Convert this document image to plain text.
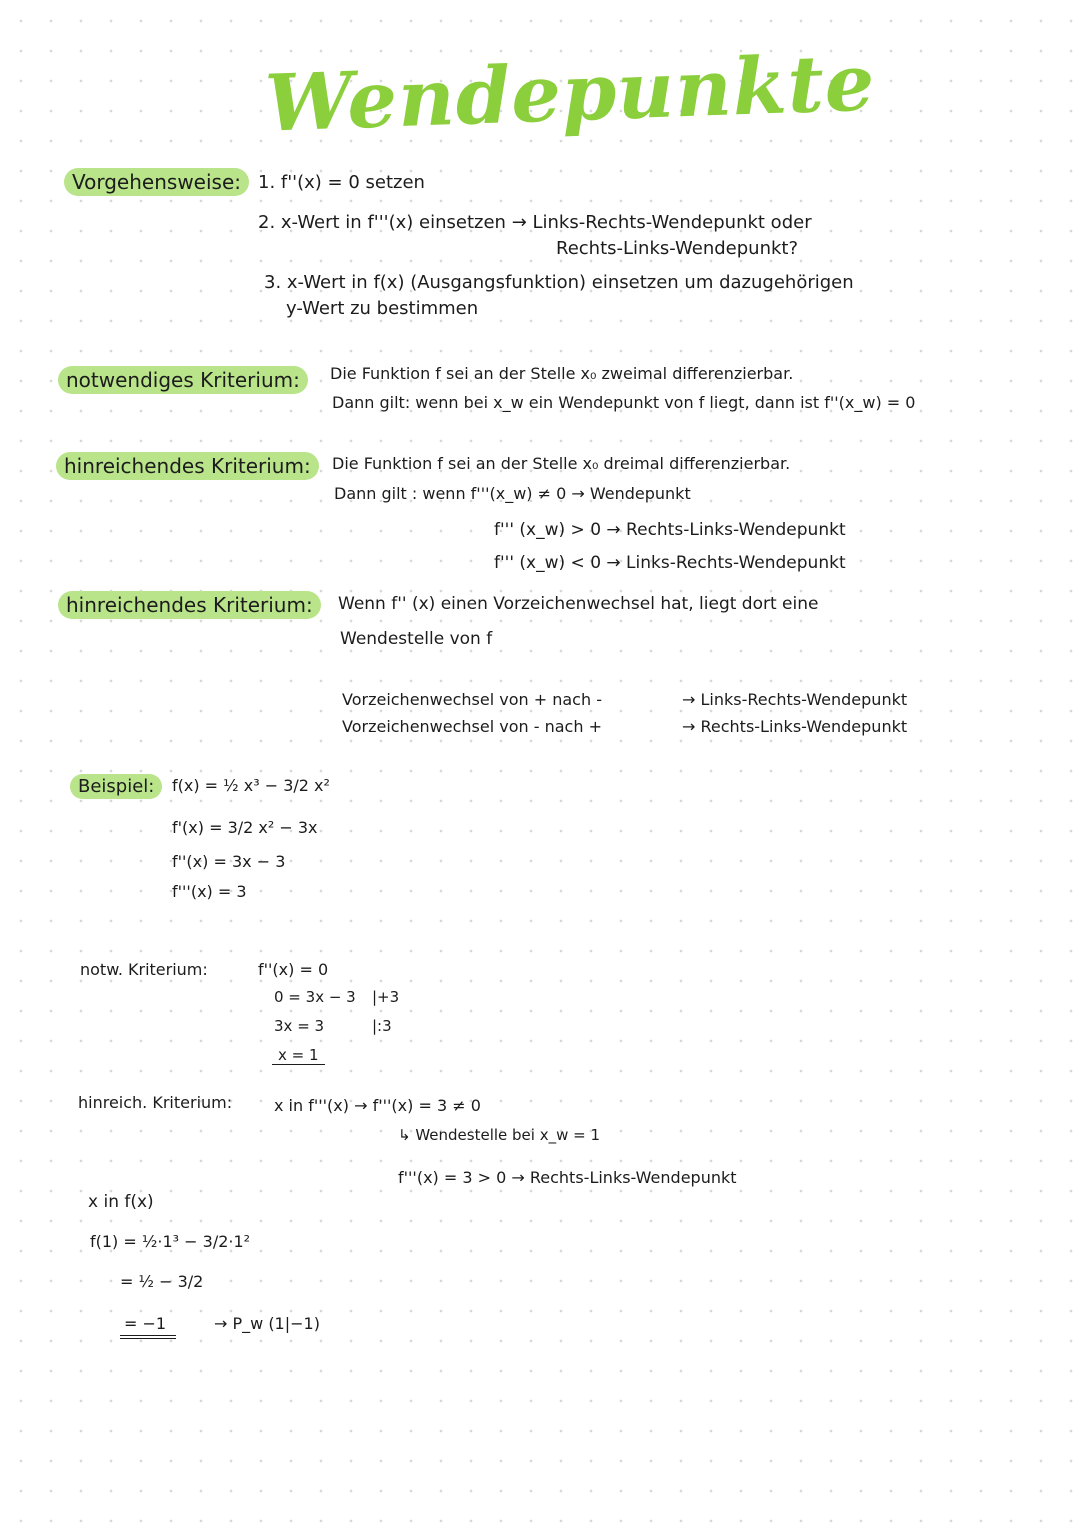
Wendepunkte
Vorgehensweise: 1. f''(x) = 0 setzen
2. x-Wert in f'''(x) einsetzen → Links-Rechts-Wendepunkt oder
Rechts-Links-Wendepunkt?
3. x-Wert in f(x) (Ausgangsfunktion) einsetzen um dazugehörigen
y-Wert zu bestimmen
notwendiges Kriterium:	Die Funktion f sei an der Stelle x₀ zweimal differenzierbar.
Dann gilt: wenn bei x_w ein Wendepunkt von f liegt, dann ist f''(x_w) = 0
hinreichendes Kriterium:	Die Funktion f sei an der Stelle x₀ dreimal differenzierbar.
Dann gilt : wenn f'''(x_w) ≠ 0 → Wendepunkt
f''' (x_w) > 0 → Rechts-Links-Wendepunkt
f''' (x_w) < 0 → Links-Rechts-Wendepunkt
hinreichendes Kriterium:	Wenn f'' (x) einen Vorzeichenwechsel hat, liegt dort eine
Wendestelle von f
Vorzeichenwechsel von + nach -	→ Links-Rechts-Wendepunkt
Vorzeichenwechsel von - nach +	→ Rechts-Links-Wendepunkt
Beispiel:	f(x) = ½ x³ − 3/2 x²
f'(x) = 3/2 x² − 3x
f''(x) = 3x − 3
f'''(x) = 3
notw. Kriterium:	f''(x) = 0
0 = 3x − 3 |+3
3x = 3	|:3
x = 1
hinreich. Kriterium:	x in f'''(x) → f'''(x) = 3 ≠ 0
↳ Wendestelle bei x_w = 1
f'''(x) = 3 > 0 → Rechts-Links-Wendepunkt
x in f(x)
f(1) = ½·1³ − 3/2·1²
= ½ − 3/2
= −1	→ P_w (1|−1)
